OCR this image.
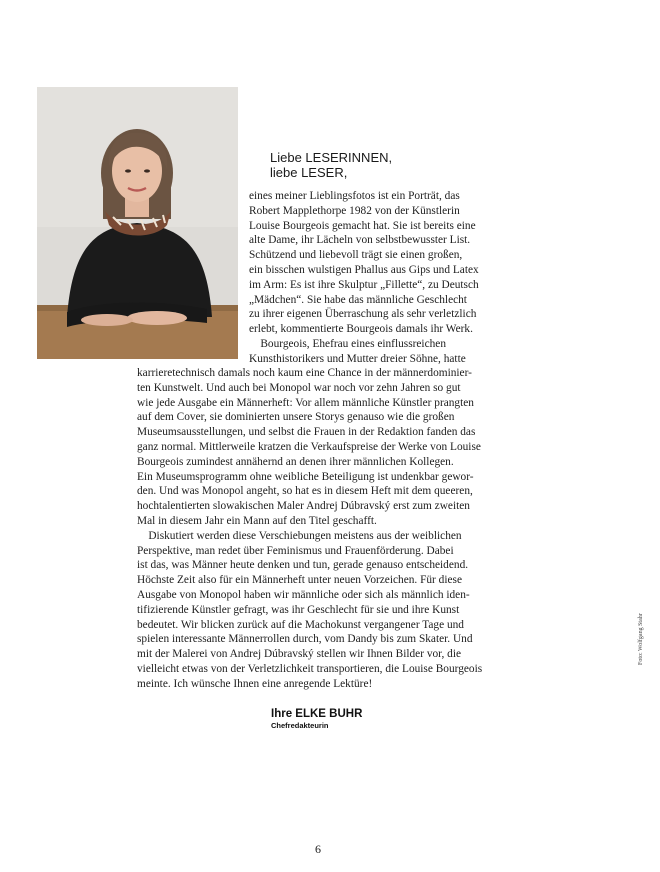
Liebe LESERINNEN,
liebe LESER,
eines meiner Lieblingsfotos ist ein Porträt, das
Robert Mapplethorpe 1982 von der Künstlerin
Louise Bourgeois gemacht hat. Sie ist bereits eine
alte Dame, ihr Lächeln von selbstbewusster List.
Schützend und liebevoll trägt sie einen großen,
ein bisschen wulstigen Phallus aus Gips und Latex
im Arm: Es ist ihre Skulptur „Fillette“, zu Deutsch
„Mädchen“. Sie habe das männliche Geschlecht
zu ihrer eigenen Überraschung als sehr verletzlich
erlebt, kommentierte Bourgeois damals ihr Werk.
Bourgeois, Ehefrau eines einflussreichen
Kunsthistorikers und Mutter dreier Söhne, hatte
karrieretechnisch damals noch kaum eine Chance in der männerdominier-
ten Kunstwelt. Und auch bei Monopol war noch vor zehn Jahren so gut
wie jede Ausgabe ein Männerheft: Vor allem männliche Künstler prangten
auf dem Cover, sie dominierten unsere Storys genauso wie die großen
Museumsausstellungen, und selbst die Frauen in der Redaktion fanden das
ganz normal. Mittlerweile kratzen die Verkaufspreise der Werke von Louise
Bourgeois zumindest annähernd an denen ihrer männlichen Kollegen.
Ein Museumsprogramm ohne weibliche Beteiligung ist undenkbar gewor-
den. Und was Monopol angeht, so hat es in diesem Heft mit dem queeren,
hochtalentierten slowakischen Maler Andrej Dúbravský erst zum zweiten
Mal in diesem Jahr ein Mann auf den Titel geschafft.
Diskutiert werden diese Verschiebungen meistens aus der weiblichen
Perspektive, man redet über Feminismus und Frauenförderung. Dabei
ist das, was Männer heute denken und tun, gerade genauso entscheidend.
Höchste Zeit also für ein Männerheft unter neuen Vorzeichen. Für diese
Ausgabe von Monopol haben wir männliche oder sich als männlich iden-
tifizierende Künstler gefragt, was ihr Geschlecht für sie und ihre Kunst
bedeutet. Wir blicken zurück auf die Machokunst vergangener Tage und
spielen interessante Männerrollen durch, vom Dandy bis zum Skater. Und
mit der Malerei von Andrej Dúbravský stellen wir Ihnen Bilder vor, die
vielleicht etwas von der Verletzlichkeit transportieren, die Louise Bourgeois
meinte. Ich wünsche Ihnen eine anregende Lektüre!
Ihre ELKE BUHR
Chefredakteurin
Foto: Wolfgang Stahr
6
